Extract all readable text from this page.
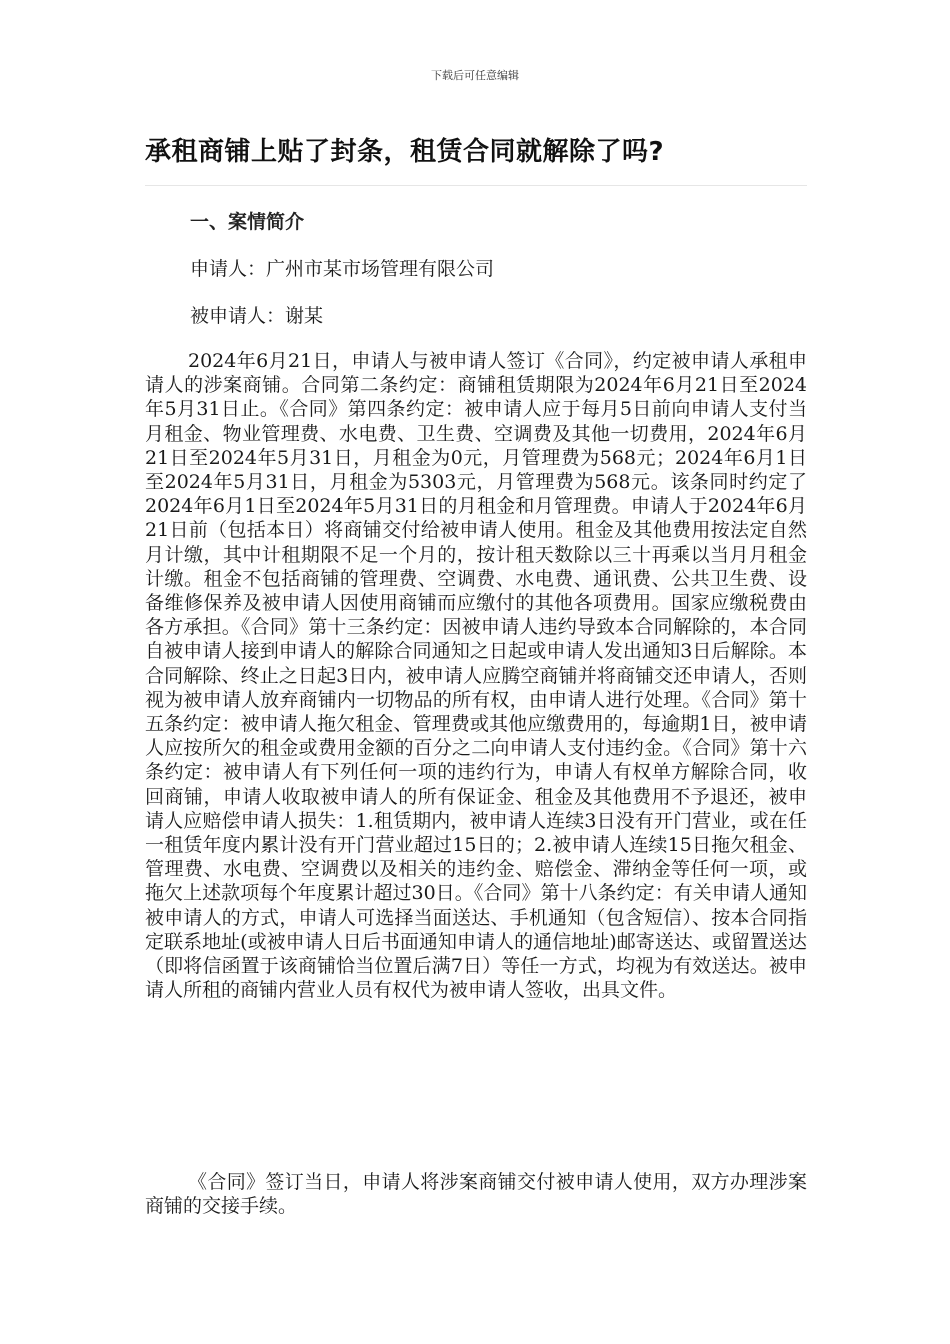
下载后可任意编辑
承租商铺上贴了封条，租赁合同就解除了吗?
一、案情简介
申请人：广州市某市场管理有限公司
被申请人：谢某

2024年6月21日，申请人与被申请人签订《合同》，约定被申请人承租申请人的涉案商铺。合同第二条约定：商铺租赁期限为2024年6月21日至2024年5月31日止。《合同》第四条约定：被申请人应于每月5日前向申请人支付当月租金、物业管理费、水电费、卫生费、空调费及其他一切费用，2024年6月21日至2024年5月31日，月租金为0元，月管理费为568元；2024年6月1日至2024年5月31日，月租金为5303元，月管理费为568元。该条同时约定了2024年6月1日至2024年5月31日的月租金和月管理费。申请人于2024年6月21日前（包括本日）将商铺交付给被申请人使用。租金及其他费用按法定自然月计缴，其中计租期限不足一个月的，按计租天数除以三十再乘以当月月租金计缴。租金不包括商铺的管理费、空调费、水电费、通讯费、公共卫生费、设备维修保养及被申请人因使用商铺而应缴付的其他各项费用。国家应缴税费由各方承担。《合同》第十三条约定：因被申请人违约导致本合同解除的，本合同自被申请人接到申请人的解除合同通知之日起或申请人发出通知3日后解除。本合同解除、终止之日起3日内，被申请人应腾空商铺并将商铺交还申请人，否则视为被申请人放弃商铺内一切物品的所有权，由申请人进行处理。《合同》第十五条约定：被申请人拖欠租金、管理费或其他应缴费用的，每逾期1日，被申请人应按所欠的租金或费用金额的百分之二向申请人支付违约金。《合同》第十六条约定：被申请人有下列任何一项的违约行为，申请人有权单方解除合同，收回商铺，申请人收取被申请人的所有保证金、租金及其他费用不予退还，被申请人应赔偿申请人损失：1.租赁期内，被申请人连续3日没有开门营业，或在任一租赁年度内累计没有开门营业超过15日的；2.被申请人连续15日拖欠租金、管理费、水电费、空调费以及相关的违约金、赔偿金、滞纳金等任何一项，或拖欠上述款项每个年度累计超过30日。《合同》第十八条约定：有关申请人通知被申请人的方式，申请人可选择当面送达、手机通知（包含短信）、按本合同指定联系地址(或被申请人日后书面通知申请人的通信地址)邮寄送达、或留置送达（即将信函置于该商铺恰当位置后满7日）等任一方式，均视为有效送达。被申请人所租的商铺内营业人员有权代为被申请人签收，出具文件。

《合同》签订当日，申请人将涉案商铺交付被申请人使用，双方办理涉案商铺的交接手续。
